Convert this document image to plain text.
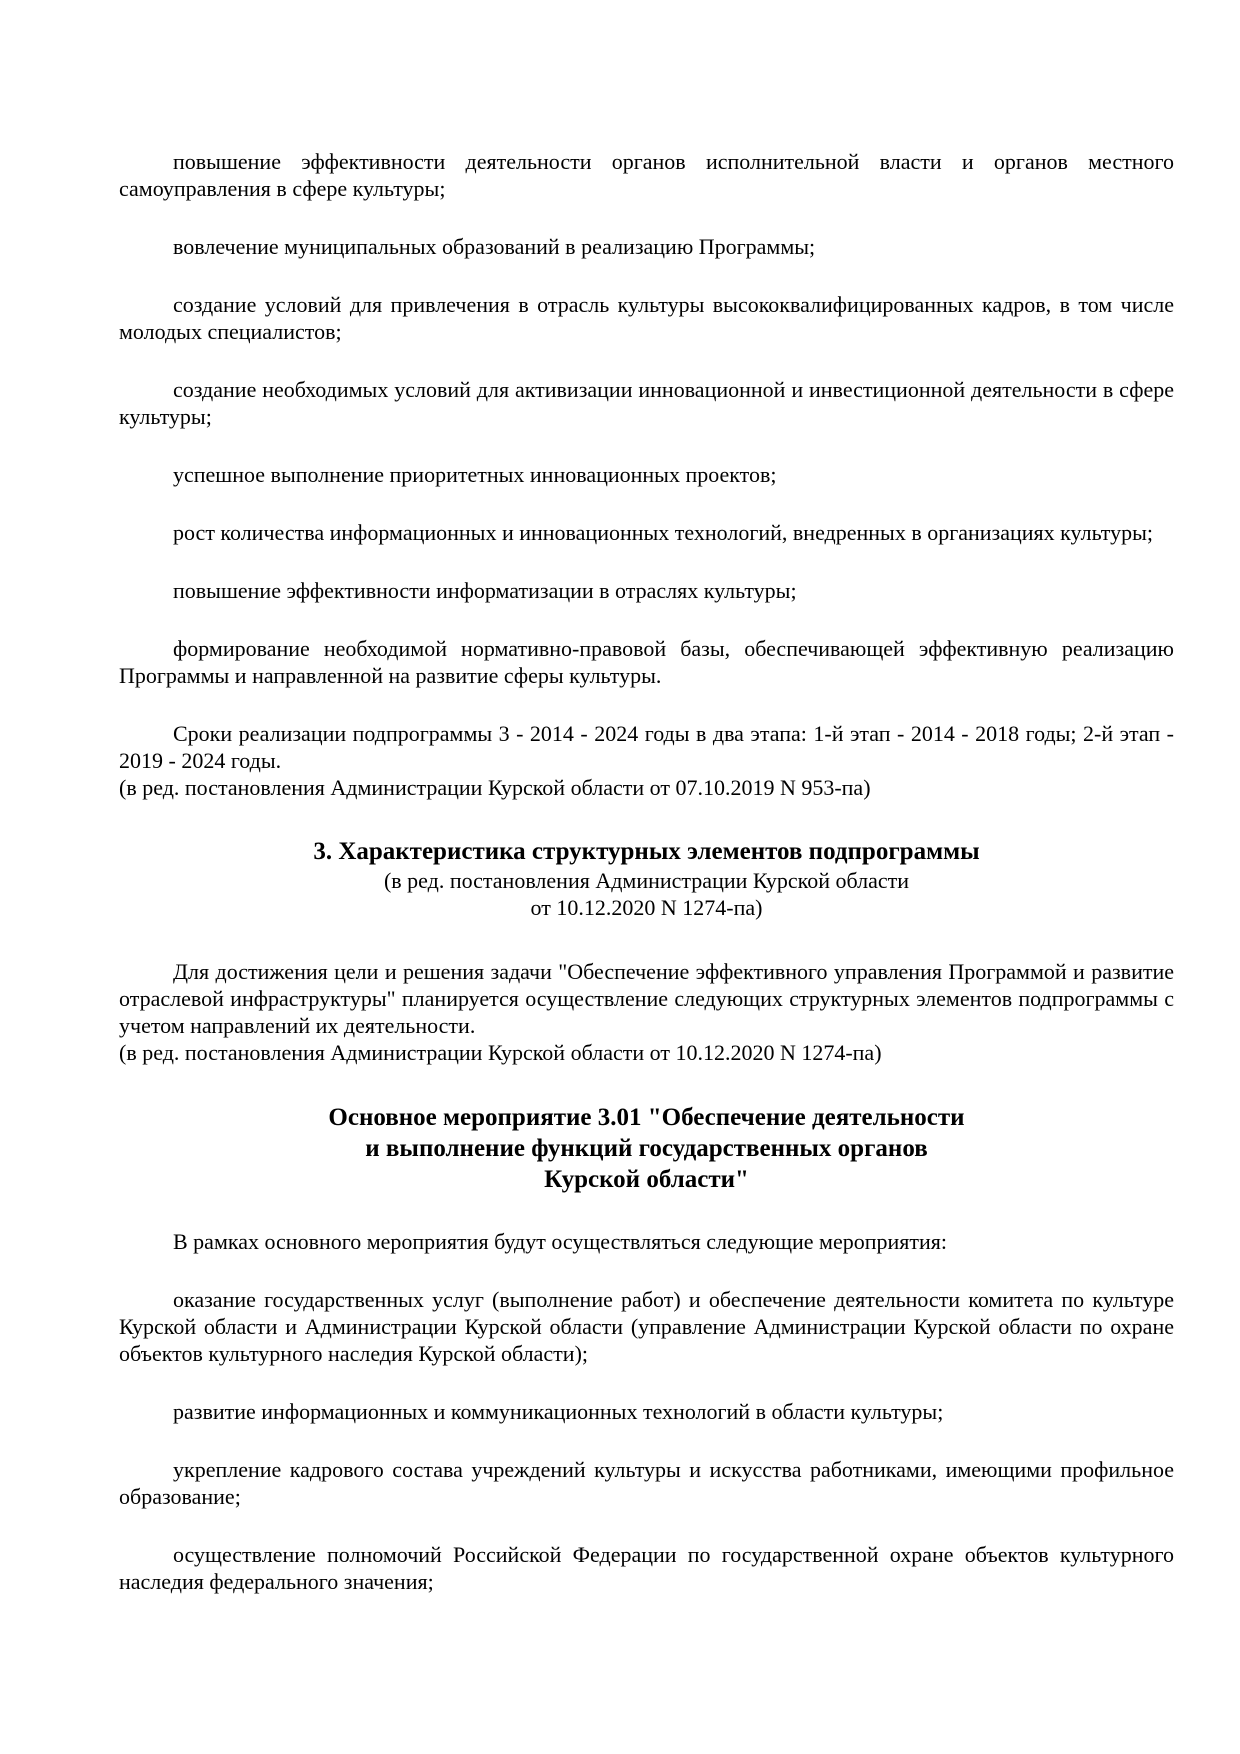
повышение эффективности деятельности органов исполнительной власти и органов местного самоуправления в сфере культуры;

вовлечение муниципальных образований в реализацию Программы;

создание условий для привлечения в отрасль культуры высококвалифицированных кадров, в том числе молодых специалистов;

создание необходимых условий для активизации инновационной и инвестиционной деятельности в сфере культуры;

успешное выполнение приоритетных инновационных проектов;

рост количества информационных и инновационных технологий, внедренных в организациях культуры;

повышение эффективности информатизации в отраслях культуры;

формирование необходимой нормативно-правовой базы, обеспечивающей эффективную реализацию Программы и направленной на развитие сферы культуры.

Сроки реализации подпрограммы 3 - 2014 - 2024 годы в два этапа: 1-й этап - 2014 - 2018 годы; 2-й этап - 2019 - 2024 годы.

(в ред. постановления Администрации Курской области от 07.10.2019 N 953-па)

3. Характеристика структурных элементов подпрограммы
(в ред. постановления Администрации Курской области
от 10.12.2020 N 1274-па)

Для достижения цели и решения задачи "Обеспечение эффективного управления Программой и развитие отраслевой инфраструктуры" планируется осуществление следующих структурных элементов подпрограммы с учетом направлений их деятельности.

(в ред. постановления Администрации Курской области от 10.12.2020 N 1274-па)

Основное мероприятие 3.01 "Обеспечение деятельности
и выполнение функций государственных органов
Курской области"

В рамках основного мероприятия будут осуществляться следующие мероприятия:

оказание государственных услуг (выполнение работ) и обеспечение деятельности комитета по культуре Курской области и Администрации Курской области (управление Администрации Курской области по охране объектов культурного наследия Курской области);

развитие информационных и коммуникационных технологий в области культуры;

укрепление кадрового состава учреждений культуры и искусства работниками, имеющими профильное образование;

осуществление полномочий Российской Федерации по государственной охране объектов культурного наследия федерального значения;
